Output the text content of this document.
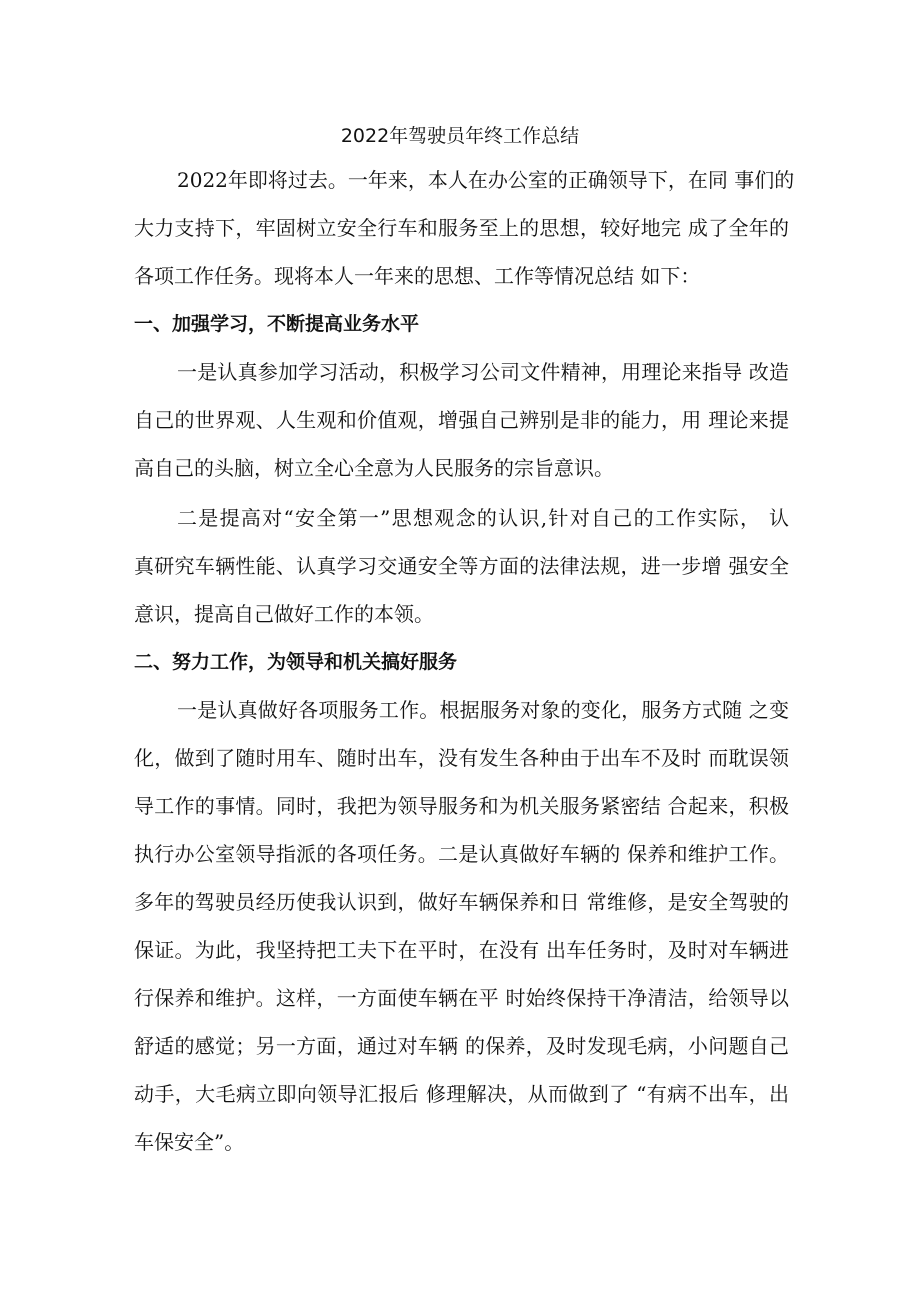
2022年驾驶员年终工作总结
2022年即将过去。一年来，本人在办公室的正确领导下，在同 事们的
大力支持下，牢固树立安全行车和服务至上的思想，较好地完 成了全年的
各项工作任务。现将本人一年来的思想、工作等情况总结 如下：
一、加强学习，不断提高业务水平
一是认真参加学习活动，积极学习公司文件精神，用理论来指导 改造
自己的世界观、人生观和价值观，增强自己辨别是非的能力，用 理论来提
高自己的头脑，树立全心全意为人民服务的宗旨意识。
二是提高对“安全第一”思想观念的认识,针对自己的工作实际， 认
真研究车辆性能、认真学习交通安全等方面的法律法规，进一步增 强安全
意识，提高自己做好工作的本领。
二、努力工作，为领导和机关搞好服务
一是认真做好各项服务工作。根据服务对象的变化，服务方式随 之变
化，做到了随时用车、随时出车，没有发生各种由于出车不及时 而耽误领
导工作的事情。同时，我把为领导服务和为机关服务紧密结 合起来，积极
执行办公室领导指派的各项任务。二是认真做好车辆的 保养和维护工作。
多年的驾驶员经历使我认识到，做好车辆保养和日 常维修，是安全驾驶的
保证。为此，我坚持把工夫下在平时，在没有 出车任务时，及时对车辆进
行保养和维护。这样，一方面使车辆在平 时始终保持干净清洁，给领导以
舒适的感觉；另一方面，通过对车辆 的保养，及时发现毛病，小问题自己
动手，大毛病立即向领导汇报后 修理解决，从而做到了 “有病不出车，出
车保安全”。
